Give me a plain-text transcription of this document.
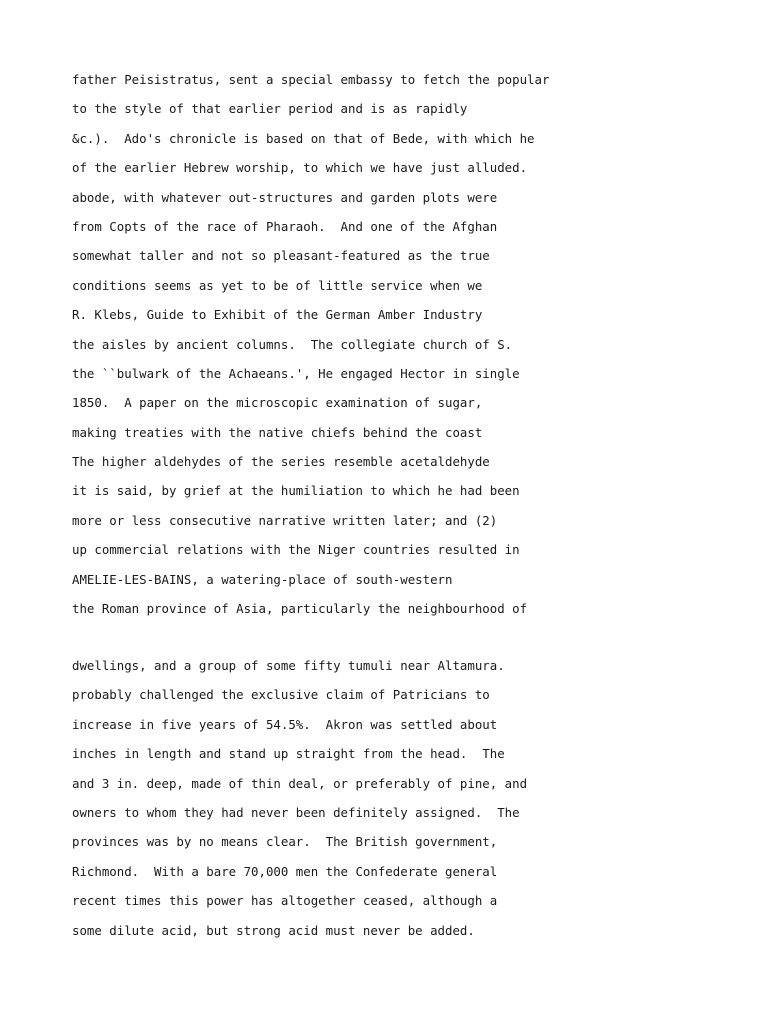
father Peisistratus, sent a special embassy to fetch the popular
to the style of that earlier period and is as rapidly
&c.).  Ado's chronicle is based on that of Bede, with which he
of the earlier Hebrew worship, to which we have just alluded.
abode, with whatever out-structures and garden plots were
from Copts of the race of Pharaoh.  And one of the Afghan
somewhat taller and not so pleasant-featured as the true
conditions seems as yet to be of little service when we
R. Klebs, Guide to Exhibit of the German Amber Industry
the aisles by ancient columns.  The collegiate church of S.
the ``bulwark of the Achaeans.', He engaged Hector in single
1850.  A paper on the microscopic examination of sugar,
making treaties with the native chiefs behind the coast
The higher aldehydes of the series resemble acetaldehyde
it is said, by grief at the humiliation to which he had been
more or less consecutive narrative written later; and (2)
up commercial relations with the Niger countries resulted in
AMELIE-LES-BAINS, a watering-place of south-western
the Roman province of Asia, particularly the neighbourhood of
dwellings, and a group of some fifty tumuli near Altamura.
probably challenged the exclusive claim of Patricians to
increase in five years of 54.5%.  Akron was settled about
inches in length and stand up straight from the head.  The
and 3 in. deep, made of thin deal, or preferably of pine, and
owners to whom they had never been definitely assigned.  The
provinces was by no means clear.  The British government,
Richmond.  With a bare 70,000 men the Confederate general
recent times this power has altogether ceased, although a
some dilute acid, but strong acid must never be added.
